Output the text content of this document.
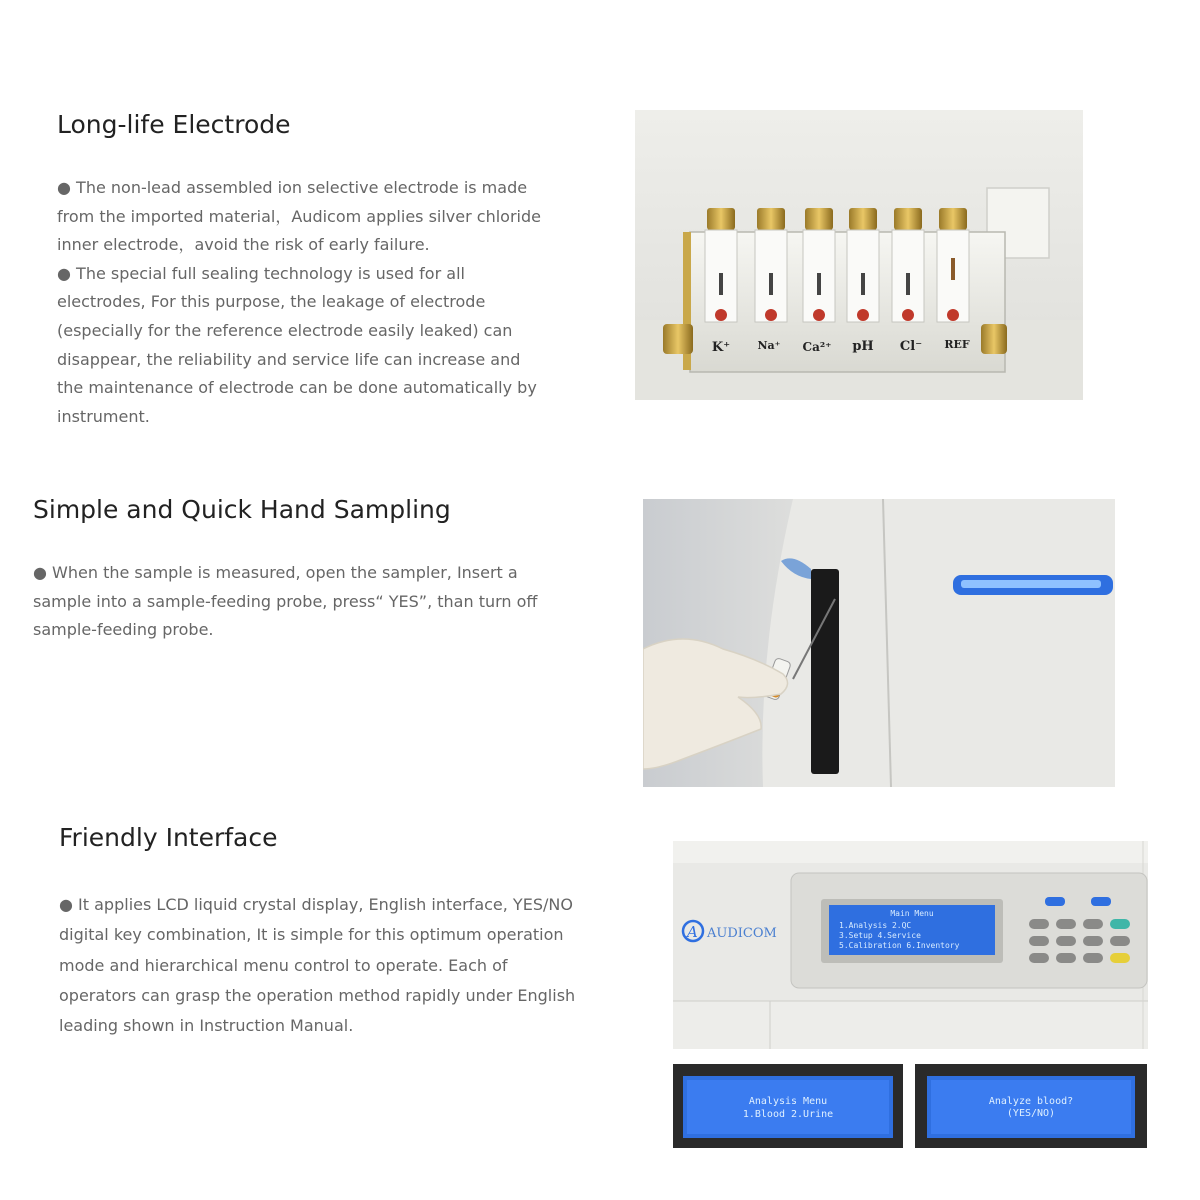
Long-life Electrode

● The non-lead assembled ion selective electrode is made from the imported material，Audicom applies silver chloride inner electrode，avoid the risk of early failure.

● The special full sealing technology is used for all electrodes, For this purpose, the leakage of electrode (especially for the reference electrode easily leaked) can disappear, the reliability and service life can increase and the maintenance of electrode can be done automatically by instrument.

K⁺ Na⁺ Ca²⁺ pH Cl⁻ REF
Simple and Quick Hand Sampling

● When the sample is measured, open the sampler, Insert a sample into a sample-feeding probe, press“ YES”, than turn off sample-feeding probe.

Friendly Interface

● It applies LCD liquid crystal display, English interface, YES/NO digital key combination, It is simple for this optimum operation mode and hierarchical menu control to operate. Each of operators can grasp the operation method rapidly under English leading shown in Instruction Manual.

A AUDICOM
Main Menu
1.Analysis 2.QC
3.Setup 4.Service
5.Calibration 6.Inventory
Analysis Menu
1.Blood 2.Urine
Analyze blood?
(YES/NO)
